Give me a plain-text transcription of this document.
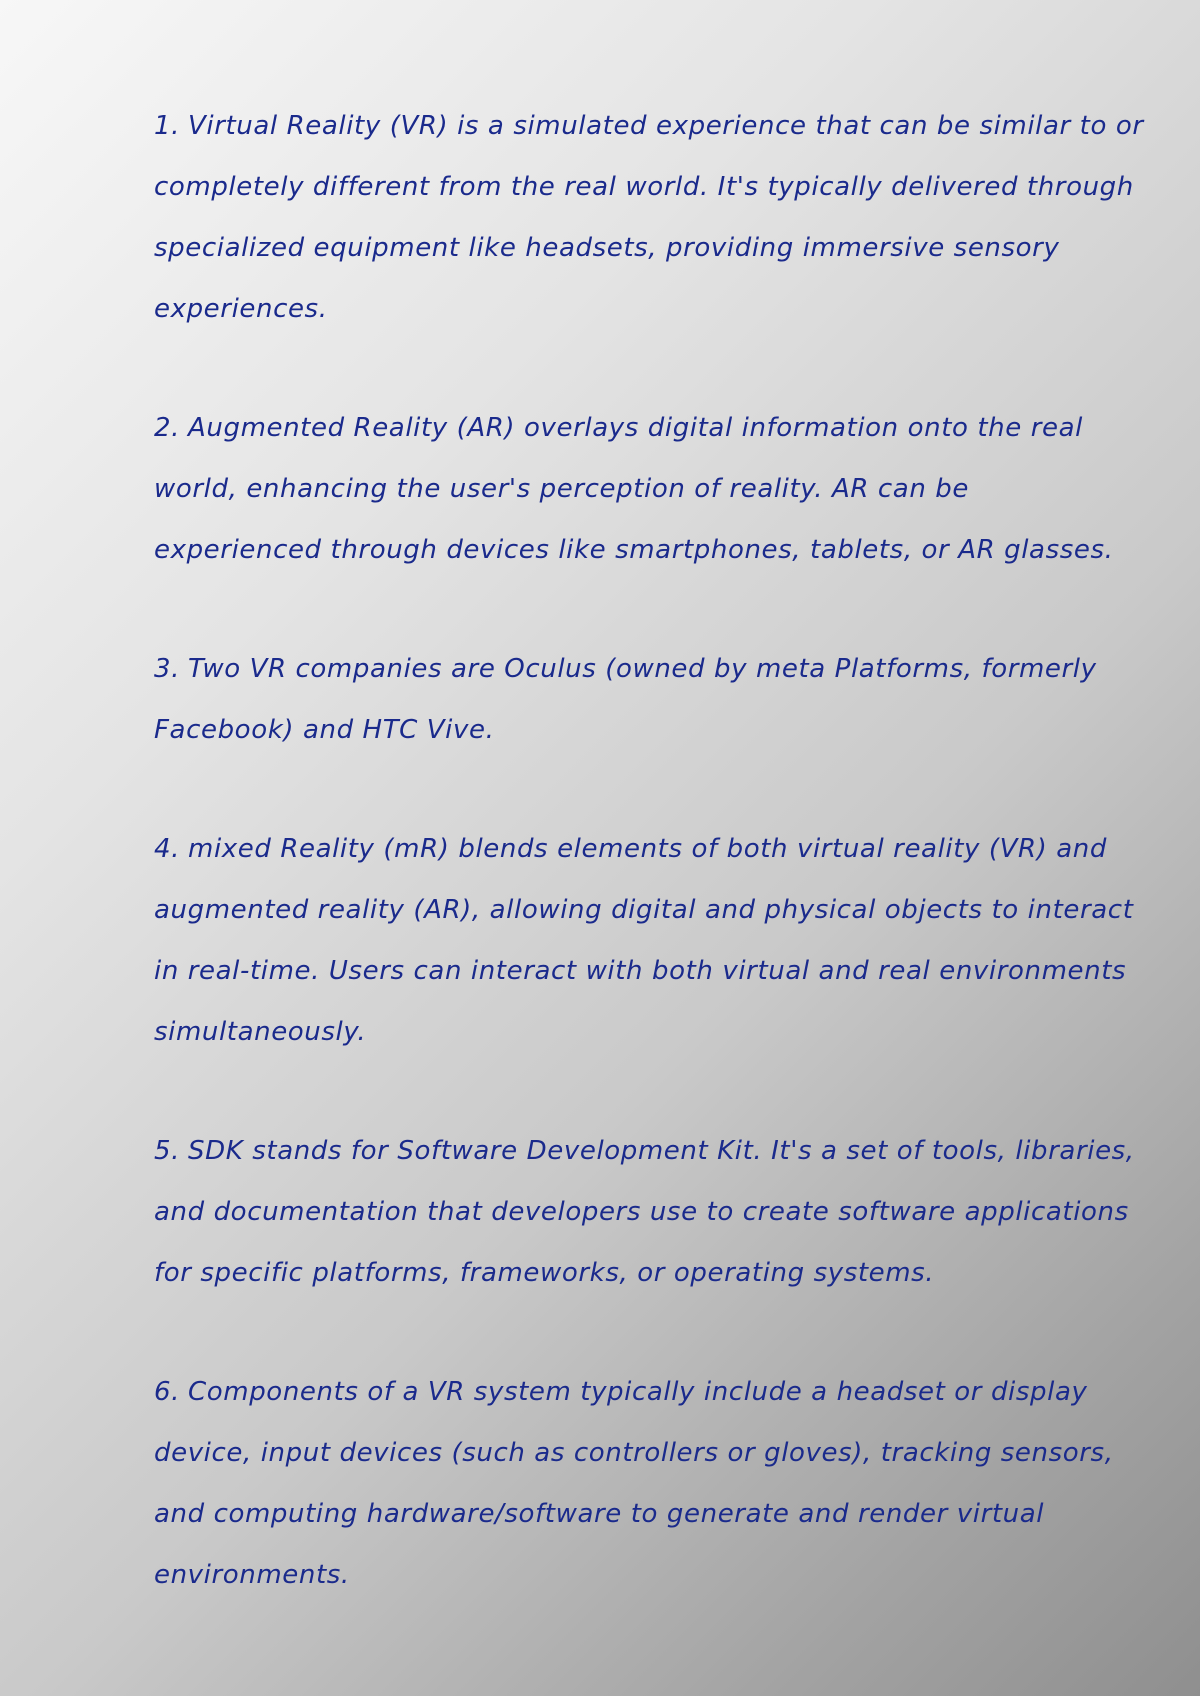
1. Virtual Reality (VR) is a simulated experience that can be similar to or completely different from the real world. It's typically delivered through specialized equipment like headsets, providing immersive sensory experiences.
2. Augmented Reality (AR) overlays digital information onto the real world, enhancing the user's perception of reality. AR can be experienced through devices like smartphones, tablets, or AR glasses.
3. Two VR companies are Oculus (owned by meta Platforms, formerly Facebook) and HTC Vive.
4. mixed Reality (mR) blends elements of both virtual reality (VR) and augmented reality (AR), allowing digital and physical objects to interact in real-time. Users can interact with both virtual and real environments simultaneously.
5. SDK stands for Software Development Kit. It's a set of tools, libraries, and documentation that developers use to create software applications for specific platforms, frameworks, or operating systems.
6. Components of a VR system typically include a headset or display device, input devices (such as controllers or gloves), tracking sensors, and computing hardware/software to generate and render virtual environments.
